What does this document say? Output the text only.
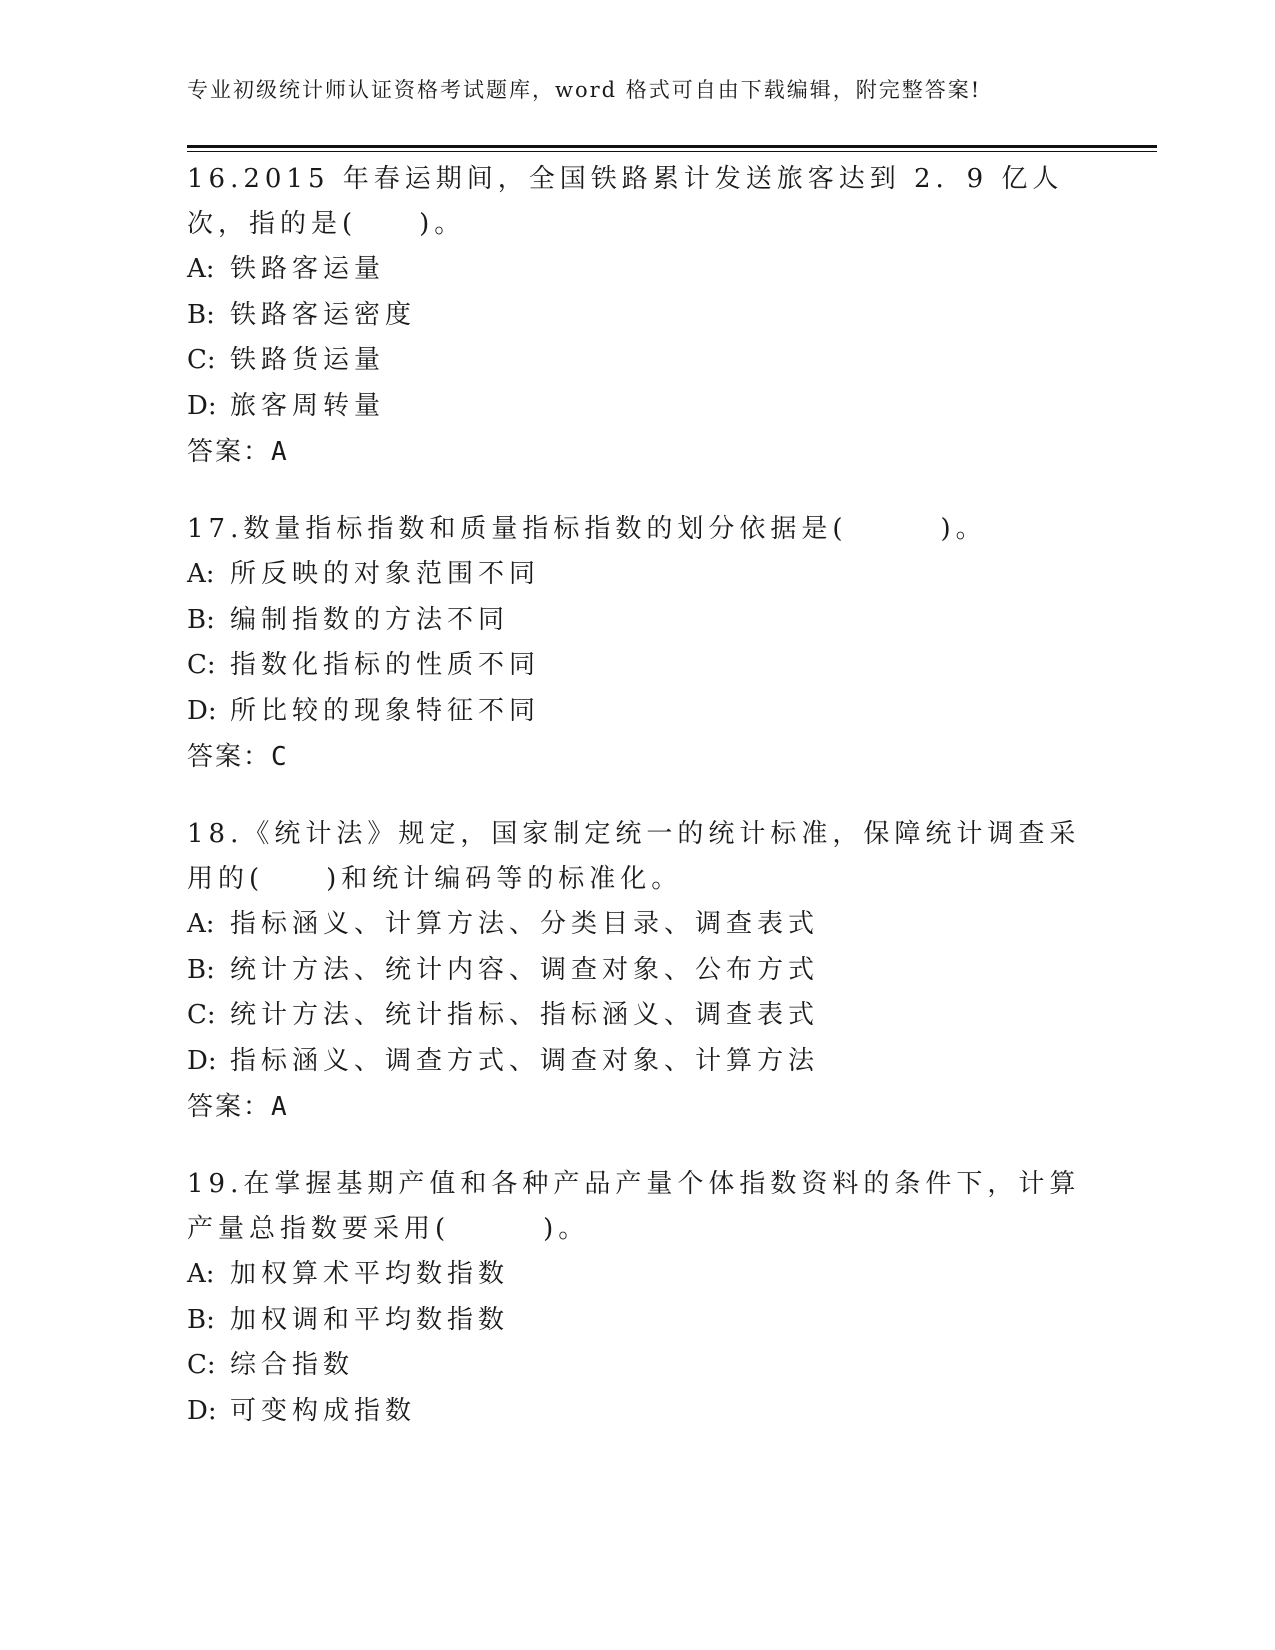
专业初级统计师认证资格考试题库，word 格式可自由下载编辑，附完整答案!

16.2015 年春运期间，全国铁路累计发送旅客达到 2．9 亿人次，指的是(　　)。

A: 铁路客运量

B: 铁路客运密度

C: 铁路货运量

D: 旅客周转量

答案：A

17.数量指标指数和质量指标指数的划分依据是(　　　)。

A: 所反映的对象范围不同

B: 编制指数的方法不同

C: 指数化指标的性质不同

D: 所比较的现象特征不同

答案：C

18.《统计法》规定，国家制定统一的统计标准，保障统计调查采用的(　　)和统计编码等的标准化。

A: 指标涵义、计算方法、分类目录、调查表式

B: 统计方法、统计内容、调查对象、公布方式

C: 统计方法、统计指标、指标涵义、调查表式

D: 指标涵义、调查方式、调查对象、计算方法

答案：A

19.在掌握基期产值和各种产品产量个体指数资料的条件下，计算产量总指数要采用(　　　)。

A: 加权算术平均数指数

B: 加权调和平均数指数

C: 综合指数

D: 可变构成指数
